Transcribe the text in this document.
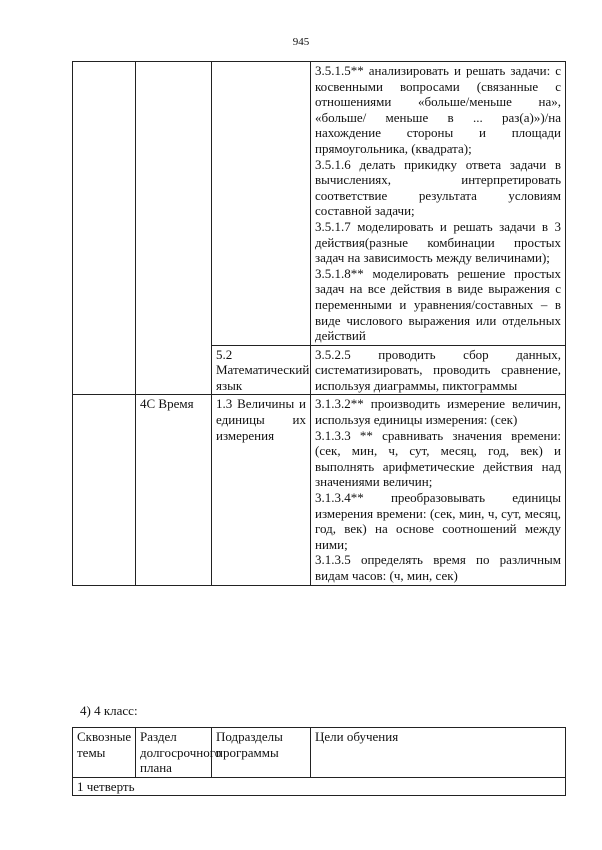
945

			3.5.1.5** анализировать и решать задачи: с косвенными вопросами (связанные с отношениями «больше/меньше на», «больше/ меньше в ... раз(а)»)/на нахождение стороны и площади прямоугольника, (квадрата);

3.5.1.6 делать прикидку ответа задачи в вычислениях, интерпретировать соответствие результата условиям составной задачи;

3.5.1.7 моделировать и решать задачи в 3 действия(разные комбинации простых задач на зависимость между величинами);

3.5.1.8** моделировать решение простых задач на все действия в виде выражения с переменными и уравнения/составных – в виде числового выражения или отдельных действий

		5.2 Математический язык	3.5.2.5 проводить сбор данных, систематизировать, проводить сравнение, используя диаграммы, пиктограммы

	4С Время	1.3 Величины и единицы их измерения	3.1.3.2** производить измерение величин, используя единицы измерения: (сек)

3.1.3.3 ** сравнивать значения времени: (сек, мин, ч, сут, месяц, год, век) и выполнять арифметические действия над значениями величин;

3.1.3.4** преобразовывать единицы измерения времени: (сек, мин, ч, сут, месяц, год, век) на основе соотношений между ними;

3.1.3.5 определять время по различным видам часов: (ч, мин, сек)

4) 4 класс:
Сквозные темы	Раздел долгосрочного плана	Подразделы программы	Цели обучения
1 четверть
